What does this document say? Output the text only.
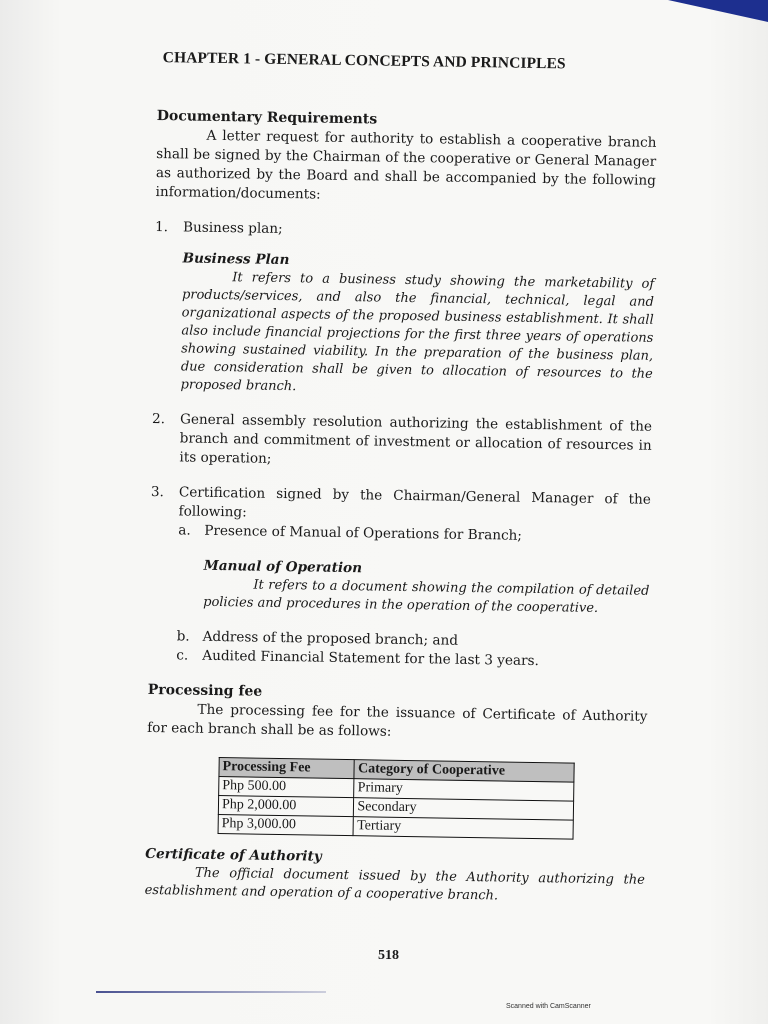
CHAPTER 1 - GENERAL CONCEPTS AND PRINCIPLES

Documentary Requirements

A letter request for authority to establish a cooperative branch shall be signed by the Chairman of the cooperative or General Manager as authorized by the Board and shall be accompanied by the following information/documents:

1.	Business plan;

Business Plan

It refers to a business study showing the marketability of products/services, and also the financial, technical, legal and organizational aspects of the proposed business establishment. It shall also include financial projections for the first three years of operations showing sustained viability. In the preparation of the business plan, due consideration shall be given to allocation of resources to the proposed branch.

2.	General assembly resolution authorizing the establishment of the branch and commitment of investment or allocation of resources in its operation;
3.	Certification signed by the Chairman/General Manager of the following:
a. Presence of Manual of Operations for Branch;

Manual of Operation

It refers to a document showing the compilation of detailed policies and procedures in the operation of the cooperative.

b. Address of the proposed branch; and
c.	Audited Financial Statement for the last 3 years.

Processing fee

The processing fee for the issuance of Certificate of Authority for each branch shall be as follows:

Processing Fee	Category of Cooperative
Php 500.00	Primary
Php 2,000.00	Secondary
Php 3,000.00	Tertiary

Certificate of Authority

The official document issued by the Authority authorizing the establishment and operation of a cooperative branch.

518
Scanned with CamScanner
